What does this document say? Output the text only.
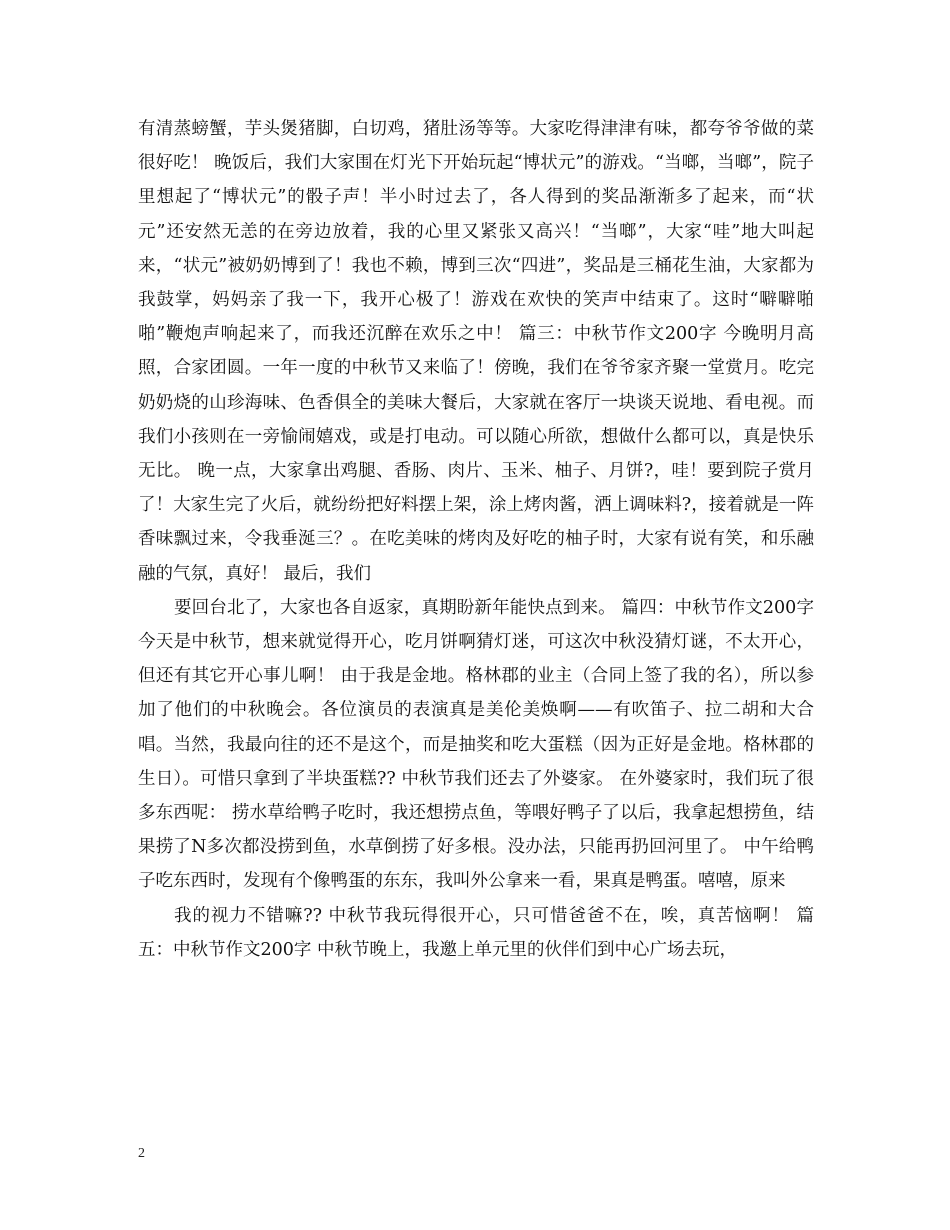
有清蒸螃蟹，芋头煲猪脚，白切鸡，猪肚汤等等。大家吃得津津有味，都夸爷爷做的菜很好吃！ 晚饭后，我们大家围在灯光下开始玩起“博状元”的游戏。“当啷，当啷”，院子里想起了“博状元”的骰子声！半小时过去了，各人得到的奖品渐渐多了起来，而“状元”还安然无恙的在旁边放着，我的心里又紧张又高兴！“当啷”，大家“哇”地大叫起来，“状元”被奶奶博到了！我也不赖，博到三次“四进”，奖品是三桶花生油，大家都为我鼓掌，妈妈亲了我一下，我开心极了！游戏在欢快的笑声中结束了。这时“噼噼啪啪”鞭炮声响起来了，而我还沉醉在欢乐之中！ 篇三：中秋节作文200字 今晚明月高照，合家团圆。一年一度的中秋节又来临了！傍晚，我们在爷爷家齐聚一堂赏月。吃完奶奶烧的山珍海味、色香俱全的美味大餐后，大家就在客厅一块谈天说地、看电视。而我们小孩则在一旁愉闹嬉戏，或是打电动。可以随心所欲，想做什么都可以，真是快乐无比。 晚一点，大家拿出鸡腿、香肠、肉片、玉米、柚子、月饼?，哇！要到院子赏月了！大家生完了火后，就纷纷把好料摆上架，涂上烤肉酱，洒上调味料?，接着就是一阵香味飘过来，令我垂涎三？。在吃美味的烤肉及好吃的柚子时，大家有说有笑，和乐融融的气氛，真好！ 最后，我们

要回台北了，大家也各自返家，真期盼新年能快点到来。 篇四：中秋节作文200字 今天是中秋节，想来就觉得开心，吃月饼啊猜灯迷，可这次中秋没猜灯谜，不太开心，但还有其它开心事儿啊！ 由于我是金地。格林郡的业主（合同上签了我的名），所以参加了他们的中秋晚会。各位演员的表演真是美伦美焕啊——有吹笛子、拉二胡和大合唱。当然，我最向往的还不是这个，而是抽奖和吃大蛋糕（因为正好是金地。格林郡的生日）。可惜只拿到了半块蛋糕?? 中秋节我们还去了外婆家。 在外婆家时，我们玩了很多东西呢： 捞水草给鸭子吃时，我还想捞点鱼，等喂好鸭子了以后，我拿起想捞鱼，结果捞了N多次都没捞到鱼，水草倒捞了好多根。没办法，只能再扔回河里了。 中午给鸭子吃东西时，发现有个像鸭蛋的东东，我叫外公拿来一看，果真是鸭蛋。嘻嘻，原来

我的视力不错嘛?? 中秋节我玩得很开心，只可惜爸爸不在，唉，真苦恼啊！ 篇五：中秋节作文200字 中秋节晚上，我邀上单元里的伙伴们到中心广场去玩，

2
